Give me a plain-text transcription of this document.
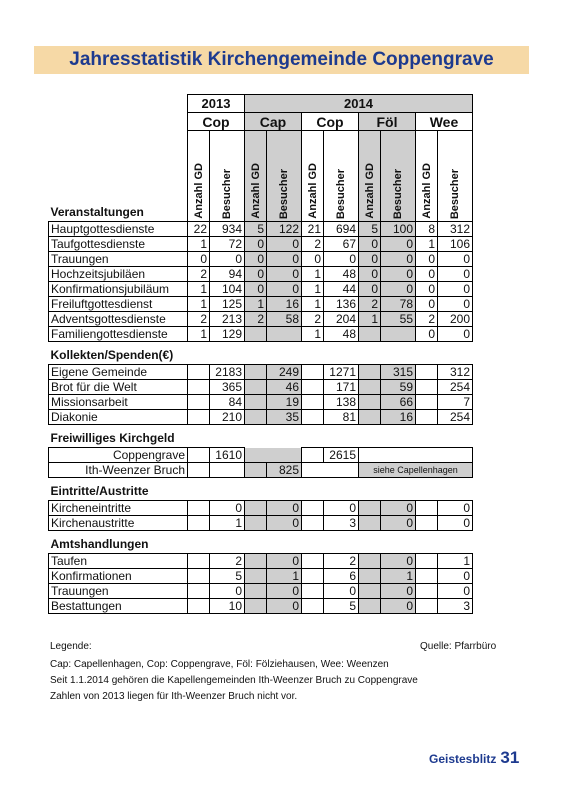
Jahresstatistik Kirchengemeinde Coppengrave
	2013		2014							
	Cop		Cap		Cop		Föl		Wee	
Veranstaltungen	Anzahl GD	Besucher	Anzahl GD	Besucher	Anzahl GD	Besucher	Anzahl GD	Besucher	Anzahl GD	Besucher

Hauptgottesdienste	22	934	5	122	21	694	5	100	8	312
Taufgottesdienste	1	72	0	0	2	67	0	0	1	106
Trauungen	0	0	0	0	0	0	0	0	0	0
Hochzeitsjubiläen	2	94	0	0	1	48	0	0	0	0
Konfirmationsjubiläum	1	104	0	0	1	44	0	0	0	0
Freiluftgottesdienst	1	125	1	16	1	136	2	78	0	0
Adventsgottesdienste	2	213	2	58	2	204	1	55	2	200
Familiengottesdienste	1	129			1	48			0	0
Kollekten/Spenden(€)										
Eigene Gemeinde		2183		249		1271		315		312
Brot für die Welt		365		46		171		59		254
Missionsarbeit		84		19		138		66		7
Diakonie		210		35		81		16		254
Freiwilliges Kirchgeld										
Coppengrave		1610				2615				
Ith-Weenzer Bruch				825			siehe Capellenhagen			
Eintritte/Austritte										
Kircheneintritte		0		0		0		0		0
Kirchenaustritte		1		0		3		0		0
Amtshandlungen										
Taufen		2		0		2		0		1
Konfirmationen		5		1		6		1		0
Trauungen		0		0		0		0		0
Bestattungen		10		0		5		0		3
Legende:	Quelle: Pfarrbüro
Cap: Capellenhagen, Cop: Coppengrave, Föl: Fölziehausen, Wee: Weenzen
Seit 1.1.2014 gehören die Kapellengemeinden Ith-Weenzer Bruch zu Coppengrave
Zahlen von 2013 liegen für Ith-Weenzer Bruch nicht vor.
Geistesblitz 31
